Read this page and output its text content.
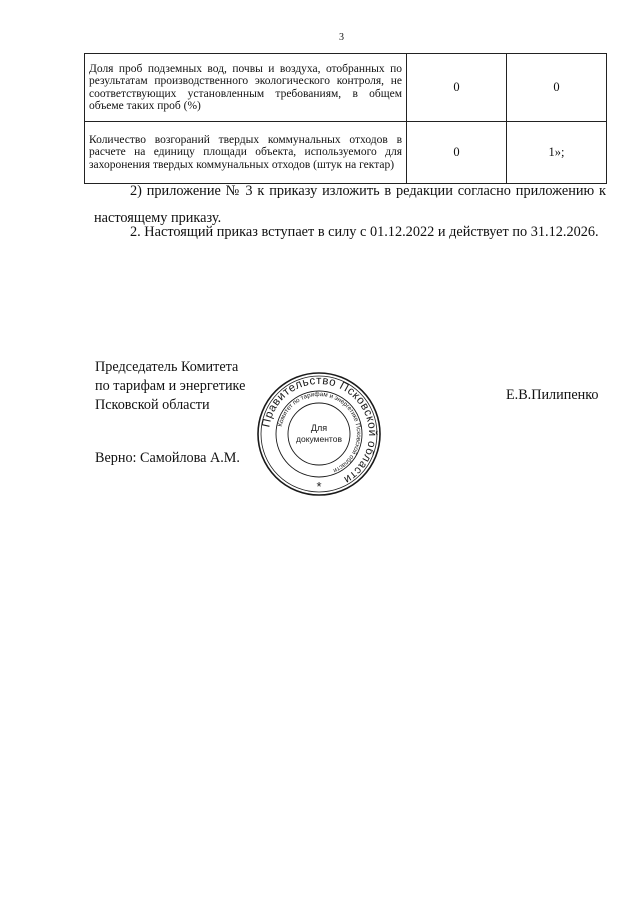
3
Доля проб подземных вод, почвы и воздуха, отобранных по результатам производственного экологического контроля, не соответствующих установленным требованиям, в общем объеме таких проб (%)	0	0
Количество возгораний твердых коммунальных отходов в расчете на единицу площади объекта, используемого для захоронения твердых коммунальных отходов (штук на гектар)	0	1»;
2) приложение № 3 к приказу изложить в редакции согласно приложению к настоящему приказу.
2. Настоящий приказ вступает в силу с 01.12.2022 и действует по 31.12.2026.
Председатель Комитета
по тарифам и энергетике
Псковской области
Е.В.Пилипенко
Верно: Самойлова А.М.
Правительство Псковской области
Комитет по тарифам и энергетике Псковской области
Для
документов
*
